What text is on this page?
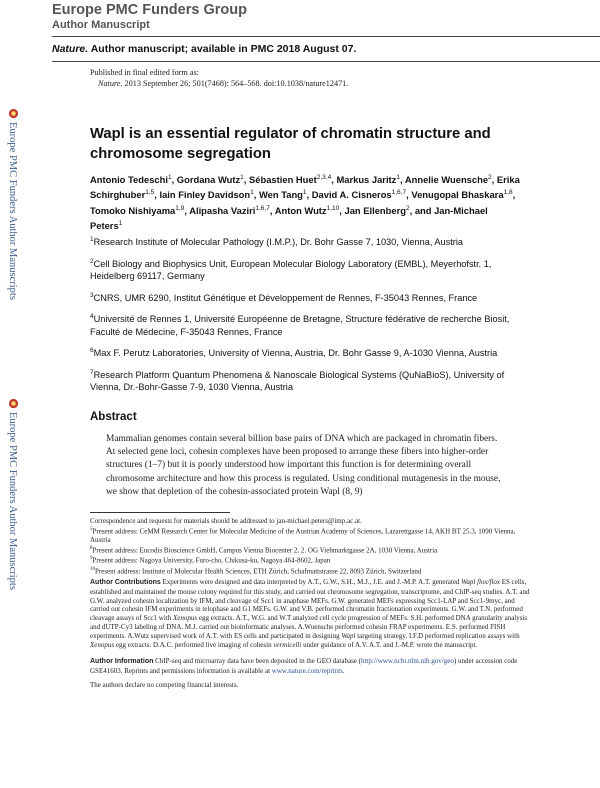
Europe PMC Funders Group
Author Manuscript
Nature. Author manuscript; available in PMC 2018 August 07.
Published in final edited form as:
Nature. 2013 September 26; 501(7468): 564–568. doi:10.1038/nature12471.
Europe PMC Funders Author Manuscripts
Europe PMC Funders Author Manuscripts
Wapl is an essential regulator of chromatin structure and chromosome segregation
Antonio Tedeschi$^1$, Gordana Wutz$^1$, Sébastien Huet$^{2,3,4}$, Markus Jaritz$^1$, Annelie Wuensche$^2$, Erika Schirghuber$^{1,5}$, Iain Finley Davidson$^1$, Wen Tang$^1$, David A. Cisneros$^{1,6,7}$, Venugopal Bhaskara$^{1,8}$, Tomoko Nishiyama$^{1,9}$, Alipasha Vaziri$^{1,6,7}$, Anton Wutz$^{1,10}$, Jan Ellenberg$^2$, and Jan-Michael Peters$^1$
$^1$Research Institute of Molecular Pathology (I.M.P.), Dr. Bohr Gasse 7, 1030, Vienna, Austria
$^2$Cell Biology and Biophysics Unit, European Molecular Biology Laboratory (EMBL), Meyerhofstr. 1, Heidelberg 69117, Germany
$^3$CNRS, UMR 6290, Institut Génétique et Développement de Rennes, F-35043 Rennes, France
$^4$Université de Rennes 1, Université Européenne de Bretagne, Structure fédérative de recherche Biosit, Faculté de Médecine, F-35043 Rennes, France
$^6$Max F. Perutz Laboratories, University of Vienna, Austria, Dr. Bohr Gasse 9, A-1030 Vienna, Austria
$^7$Research Platform Quantum Phenomena & Nanoscale Biological Systems (QuNaBioS), University of Vienna, Dr.-Bohr-Gasse 7-9, 1030 Vienna, Austria
Abstract
Mammalian genomes contain several billion base pairs of DNA which are packaged in chromatin fibers. At selected gene loci, cohesin complexes have been proposed to arrange these fibers into higher-order structures (1–7) but it is poorly understood how important this function is for determining overall chromosome architecture and how this process is regulated. Using conditional mutagenesis in the mouse, we show that depletion of the cohesin-associated protein Wapl (8, 9)

Correspondence and requests for materials should be addressed to jan-michael.peters@imp.ac.at.

$^5$Present address: CeMM Research Center for Molecular Medicine of the Austrian Academy of Sciences, Lazarettgasse 14, AKH BT 25.3, 1090 Vienna, Austria

$^8$Present address: Eucodis Bioscience GmbH, Campus Vienna Biocenter 2, 2. OG Viehmarktgasse 2A, 1030 Vienna, Austria

$^9$Present address: Nagoya University, Furo-cho, Chikusa-ku, Nagoya 464-8602, Japan

$^{10}$Present address: Institute of Molecular Health Sciences, ETH Zürich, Schafmattstrasse 22, 8093 Zürich, Switzerland

Author Contributions Experiments were designed and data interpreted by A.T., G.W., S.H., M.J., J.E. and J.-M.P. A.T. generated Wapl flox/flox ES cells, established and maintained the mouse colony required for this study, and carried out chromosome segregation, transcriptome, and ChIP-seq studies. A.T. and G.W. analyzed cohesin localization by IFM, and cleavage of Scc1 in anaphase MEFs. G.W. generated MEFs expressing Scc1-LAP and Scc1-9myc, and carried out cohesin IFM experiments in telophase and G1 MEFs. G.W. and V.B. performed chromatin fractionation experiments. G.W. and T.N. performed cleavage assays of Scc1 with Xenopus egg extracts. A.T., W.G. and W.T analyzed cell cycle progression of MEFs. S.H. performed DNA granularity analysis and dUTP-Cy3 labeling of DNA. M.J. carried out bioinformatic analyses. A.Wuensche performed cohesin FRAP experiments. E.S. performed FISH experiments. A.Wutz supervised work of A.T. with ES cells and participated in designing Wapl targeting strategy. I.F.D performed replication assays with Xenopus egg extracts. D.A.C. performed live imaging of cohesin vermicelli under guidance of A.V. A.T. and J.-M.P. wrote the manuscript.

Author Information ChIP-seq and microarray data have been deposited in the GEO database (http://www.ncbi.nlm.nih.gov/geo) under accession code GSE41603. Reprints and permissions information is available at www.nature.com/reprints.

The authors declare no competing financial interests.
